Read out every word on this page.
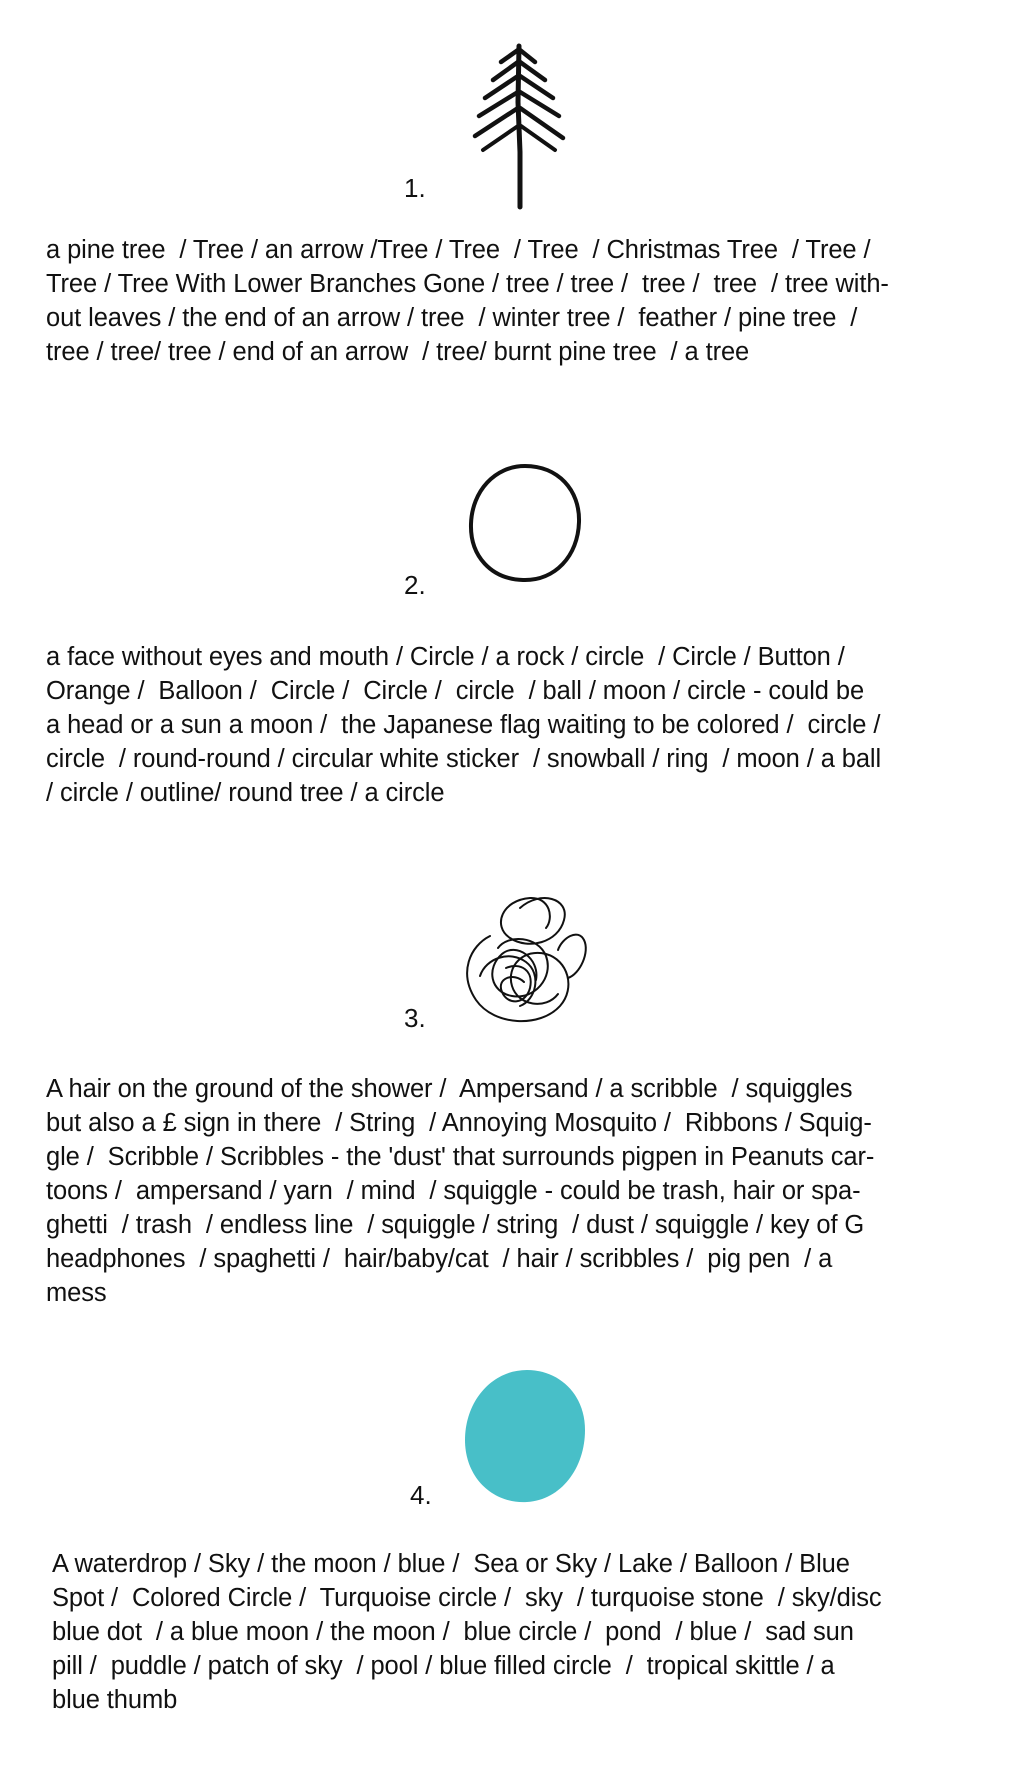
1.

a pine tree  / Tree / an arrow /Tree / Tree  / Tree  / Christmas Tree  / Tree /
Tree / Tree With Lower Branches Gone / tree / tree /  tree /  tree  / tree with-
out leaves / the end of an arrow / tree  / winter tree /  feather / pine tree  /
tree / tree/ tree / end of an arrow  / tree/ burnt pine tree  / a tree

2.

a face without eyes and mouth / Circle / a rock / circle  / Circle / Button /
Orange /  Balloon /  Circle /  Circle /  circle  / ball / moon / circle - could be
a head or a sun a moon /  the Japanese flag waiting to be colored /  circle /
circle  / round-round / circular white sticker  / snowball / ring  / moon / a ball
/ circle / outline/ round tree / a circle

3.

A hair on the ground of the shower /  Ampersand / a scribble  / squiggles
but also a £ sign in there  / String  / Annoying Mosquito /  Ribbons / Squig-
gle /  Scribble / Scribbles - the 'dust' that surrounds pigpen in Peanuts car-
toons /  ampersand / yarn  / mind  / squiggle - could be trash, hair or spa-
ghetti  / trash  / endless line  / squiggle / string  / dust / squiggle / key of G
headphones  / spaghetti /  hair/baby/cat  / hair / scribbles /  pig pen  / a
mess

4.

A waterdrop / Sky / the moon / blue /  Sea or Sky / Lake / Balloon / Blue
Spot /  Colored Circle /  Turquoise circle /  sky  / turquoise stone  / sky/disc
blue dot  / a blue moon / the moon /  blue circle /  pond  / blue /  sad sun
pill /  puddle / patch of sky  / pool / blue filled circle  /  tropical skittle / a
blue thumb
